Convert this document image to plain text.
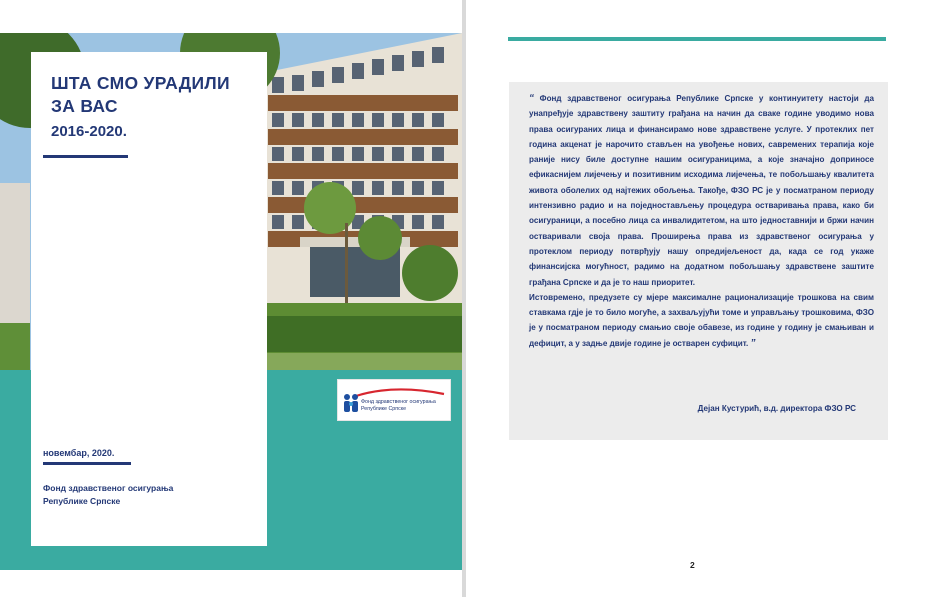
ШТА СМО УРАДИЛИ
ЗА ВАС
2016-2020.
новембар, 2020.
Фонд здравственог осигурања
Републике Српске
Фонд здравственог осигурања
Републике Српске

“ Фонд здравственог осигурања Републике Српске у континуитету настоји да унапређује здравствену заштиту грађана на начин да сваке године уводимо нова права осигураних лица и финансирамо нове здравствене услуге. У протеклих пет година акценат је нарочито стављен на увођење нових, савремених терапија које раније нису биле доступне нашим осигураницима, а које значајно доприносе ефикаснијем лијечењу и позитивним исходима лијечења, те побољшању квалитета живота оболелих од најтежих обољења. Такође, ФЗО РС је у посматраном периоду интензивно радио и на поједностављењу процедура остваривања права, како би осигураници, а посебно лица са инвалидитетом, на што једноставнији и бржи начин остваривали своја права. Проширења права из здравственог осигурања у протеклом периоду потврђују нашу опредијељеност да, када се год укаже финансијска могућност, радимо на додатном побољшању здравствене заштите грађана Српске и да је то наш приоритет.

Истовремено, предузете су мјере максималне рационализације трошкова на свим ставкама гдје је то било могуће, а захваљујући томе и управљању трошковима, ФЗО је у посматраном периоду смањио своје обавезе, из године у годину је смањиван и дефицит, а у задње двије године је остварен суфицит. ”

Дејан Кустурић, в.д. директора ФЗО РС
2
